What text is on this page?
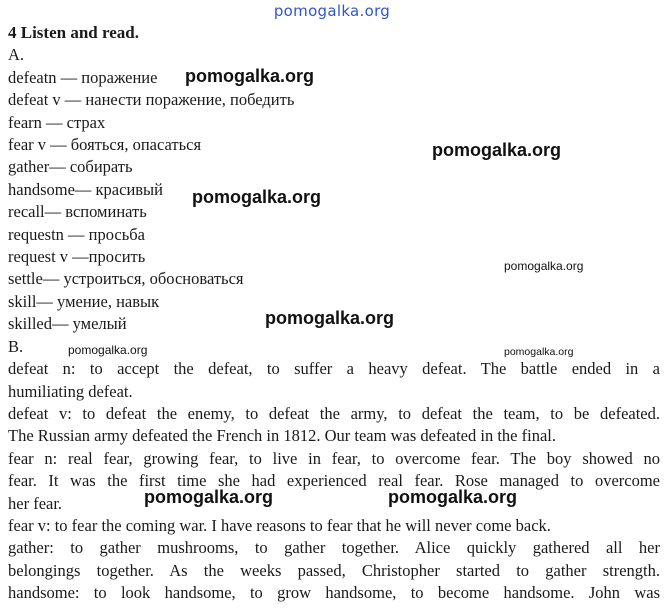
pomogalka.org
4 Listen and read.
A.
defeatn — поражение
defeat v — нанести поражение, победить
fearn — страх
fear v — бояться, опасаться
gather— собирать
handsome— красивый
recall— вспоминать
requestn — просьба
request v —просить
settle— устроиться, обосноваться
skill— умение, навык
skilled— умелый
B.
defeat n: to accept the defeat, to suffer a heavy defeat. The battle ended in a
humiliating defeat.
defeat v: to defeat the enemy, to defeat the army, to defeat the team, to be defeated.
The Russian army defeated the French in 1812. Our team was defeated in the final.
fear n: real fear, growing fear, to live in fear, to overcome fear. The boy showed no
fear. It was the first time she had experienced real fear. Rose managed to overcome
her fear.
fear v: to fear the coming war. I have reasons to fear that he will never come back.
gather: to gather mushrooms, to gather together. Alice quickly gathered all her
belongings together. As the weeks passed, Christopher started to gather strength.
handsome: to look handsome, to grow handsome, to become handsome. John was
pomogalka.org
pomogalka.org
pomogalka.org
pomogalka.org
pomogalka.org
pomogalka.org	pomogalka.org
pomogalka.org	pomogalka.org
